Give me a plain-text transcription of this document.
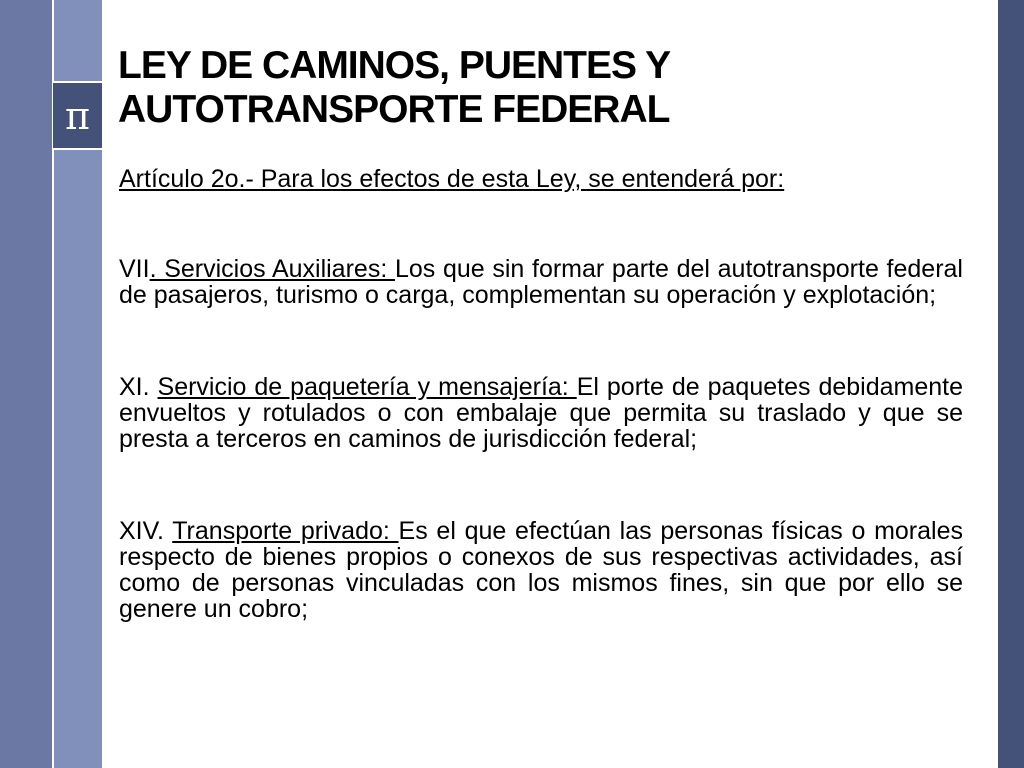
π
LEY DE CAMINOS, PUENTES Y
AUTOTRANSPORTE FEDERAL

Artículo 2o.- Para los efectos de esta Ley, se entenderá por:

VII. Servicios Auxiliares: Los que sin formar parte del autotransporte federal de pasajeros, turismo o carga, complementan su operación y explotación;

XI. Servicio de paquetería y mensajería: El porte de paquetes debidamente envueltos y rotulados o con embalaje que permita su traslado y que se presta a terceros en caminos de jurisdicción federal;

XIV. Transporte privado: Es el que efectúan las personas físicas o morales respecto de bienes propios o conexos de sus respectivas actividades, así como de personas vinculadas con los mismos fines, sin que por ello se genere un cobro;
